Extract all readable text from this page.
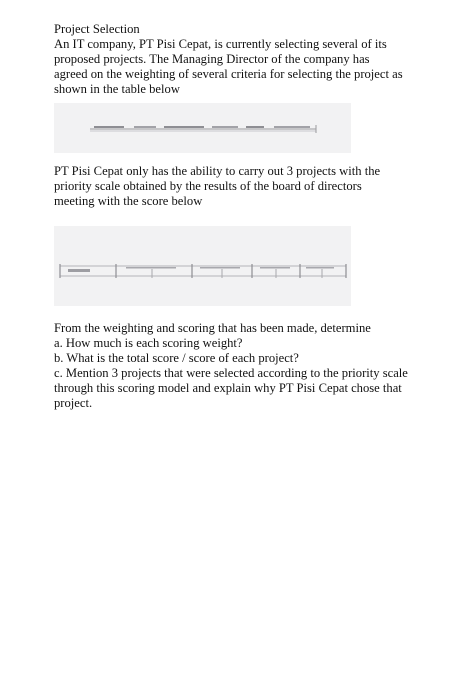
Project Selection

An IT company, PT Pisi Cepat, is currently selecting several of its proposed projects. The Managing Director of the company has agreed on the weighting of several criteria for selecting the project as shown in the table below

PT Pisi Cepat only has the ability to carry out 3 projects with the priority scale obtained by the results of the board of directors meeting with the score below

From the weighting and scoring that has been made, determine

a. How much is each scoring weight?
b. What is the total score / score of each project?
c. Mention 3 projects that were selected according to the priority scale through this scoring model and explain why PT Pisi Cepat chose that project.
